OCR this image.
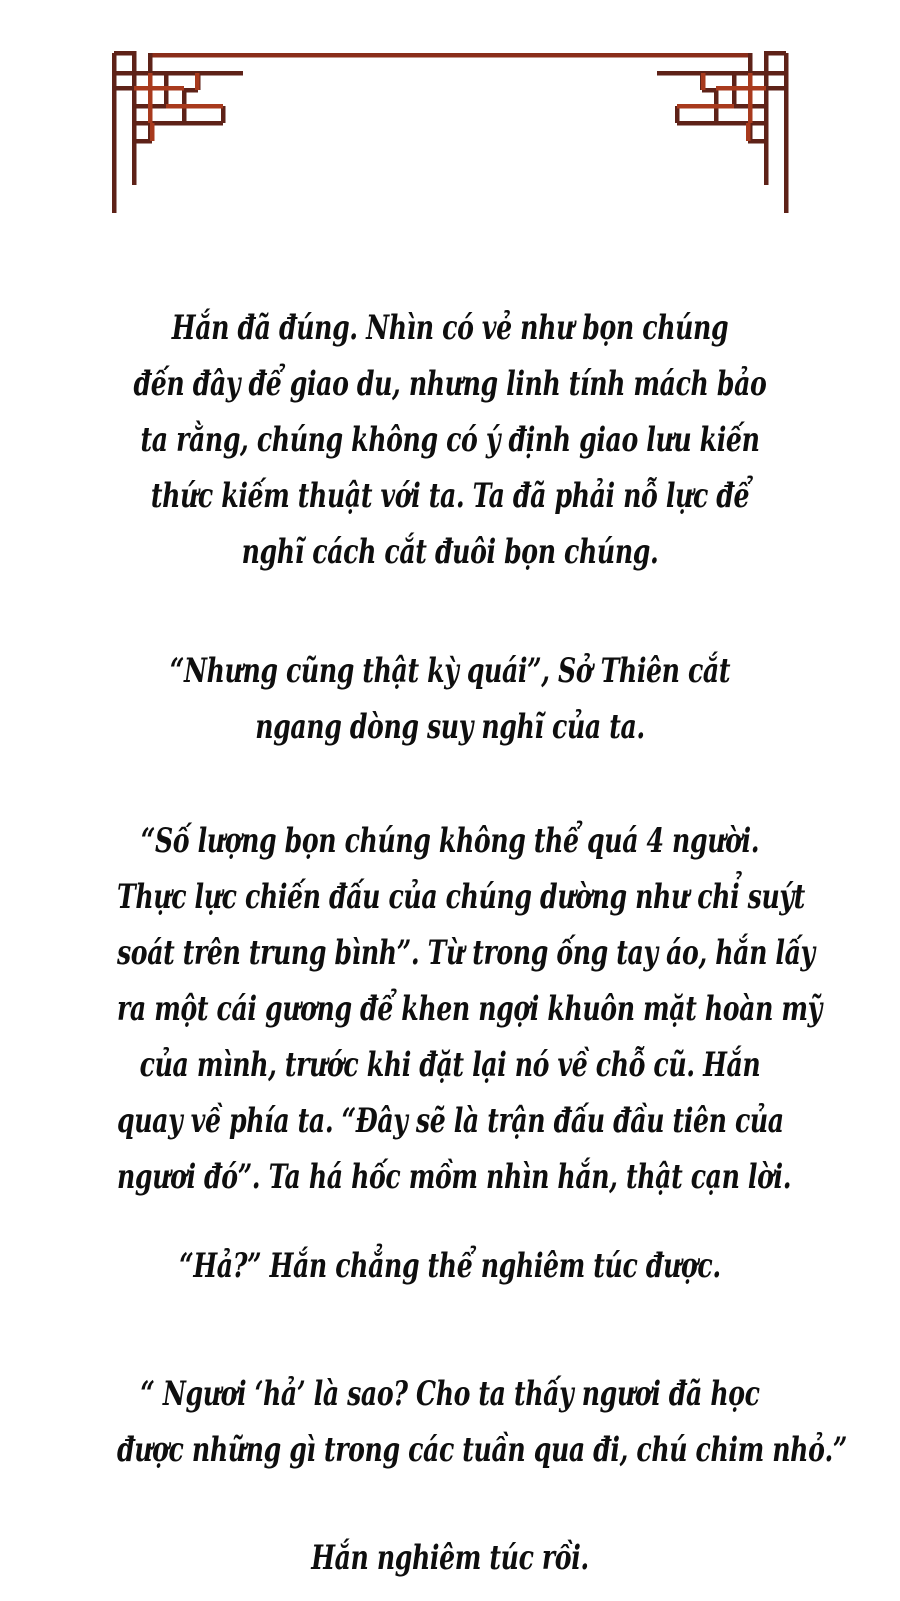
Hắn đã đúng. Nhìn có vẻ như bọn chúng
đến đây để giao du, nhưng linh tính mách bảo
ta rằng, chúng không có ý định giao lưu kiến
thức kiếm thuật với ta. Ta đã phải nỗ lực để
nghĩ cách cắt đuôi bọn chúng.
“Nhưng cũng thật kỳ quái”, Sở Thiên cắt
ngang dòng suy nghĩ của ta.
“Số lượng bọn chúng không thể quá 4 người.
Thực lực chiến đấu của chúng dường như chỉ suýt
soát trên trung bình”. Từ trong ống tay áo, hắn lấy
ra một cái gương để khen ngợi khuôn mặt hoàn mỹ
của mình, trước khi đặt lại nó về chỗ cũ. Hắn
quay về phía ta. “Đây sẽ là trận đấu đầu tiên của
ngươi đó”. Ta há hốc mồm nhìn hắn, thật cạn lời.
“Hả?” Hắn chẳng thể nghiêm túc được.
“ Ngươi ‘hả’ là sao? Cho ta thấy ngươi đã học
được những gì trong các tuần qua đi, chú chim nhỏ.”
Hắn nghiêm túc rồi.
